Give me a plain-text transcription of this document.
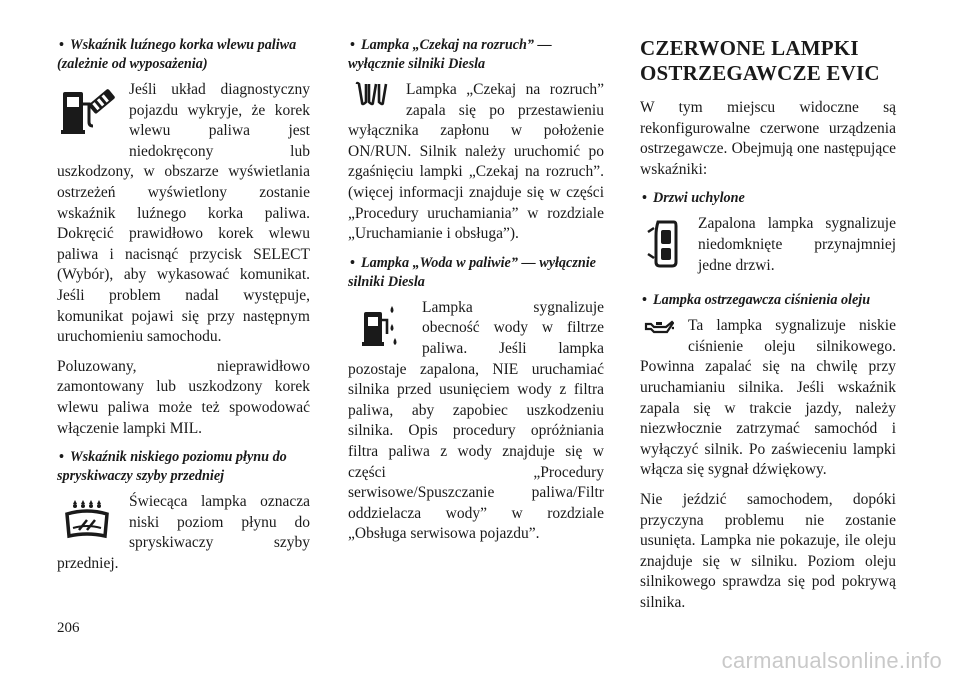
• Wskaźnik luźnego korka wlewu paliwa (zależnie od wyposażenia)

Jeśli układ diagnostyczny pojazdu wykryje, że korek wlewu paliwa jest niedokręcony lub uszkodzony, w obszarze wyświetlania ostrzeżeń wyświetlony zostanie wskaźnik luźnego korka paliwa. Dokręcić prawidłowo korek wlewu paliwa i nacisnąć przycisk SELECT (Wybór), aby wykasować komunikat. Jeśli problem nadal występuje, komunikat pojawi się przy następnym uruchomieniu samochodu.

Poluzowany, nieprawidłowo zamontowany lub uszkodzony korek wlewu paliwa może też spowodować włączenie lampki MIL.

• Wskaźnik niskiego poziomu płynu do spryskiwaczy szyby przedniej

Świecąca lampka oznacza niski poziom płynu do spryskiwaczy szyby przedniej.

• Lampka „Czekaj na rozruch” — wyłącznie silniki Diesla

Lampka „Czekaj na rozruch” zapala się po przestawieniu wyłącznika zapłonu w położenie ON/RUN. Silnik należy uruchomić po zgaśnięciu lampki „Czekaj na rozruch”. (więcej informacji znajduje się w części „Procedury uruchamiania” w rozdziale „Uruchamianie i obsługa”).

• Lampka „Woda w paliwie” — wyłącznie silniki Diesla

Lampka sygnalizuje obecność wody w filtrze paliwa. Jeśli lampka pozostaje zapalona, NIE uruchamiać silnika przed usunięciem wody z filtra paliwa, aby zapobiec uszkodzeniu silnika. Opis procedury opróżniania filtra paliwa z wody znajduje się w części „Procedury serwisowe/Spuszczanie paliwa/Filtr oddzielacza wody” w rozdziale „Obsługa serwisowa pojazdu”.

CZERWONE LAMPKI OSTRZEGAWCZE EVIC

W tym miejscu widoczne są rekonfigurowalne czerwone urządzenia ostrzegawcze. Obejmują one następujące wskaźniki:

• Drzwi uchylone

Zapalona lampka sygnalizuje niedomknięte przynajmniej jedne drzwi.

• Lampka ostrzegawcza ciśnienia oleju

Ta lampka sygnalizuje niskie ciśnienie oleju silnikowego. Powinna zapalać się na chwilę przy uruchamianiu silnika. Jeśli wskaźnik zapala się w trakcie jazdy, należy niezwłocznie zatrzymać samochód i wyłączyć silnik. Po zaświeceniu lampki włącza się sygnał dźwiękowy.

Nie jeździć samochodem, dopóki przyczyna problemu nie zostanie usunięta. Lampka nie pokazuje, ile oleju znajduje się w silniku. Poziom oleju silnikowego sprawdza się pod pokrywą silnika.

206
carmanualsonline.info
